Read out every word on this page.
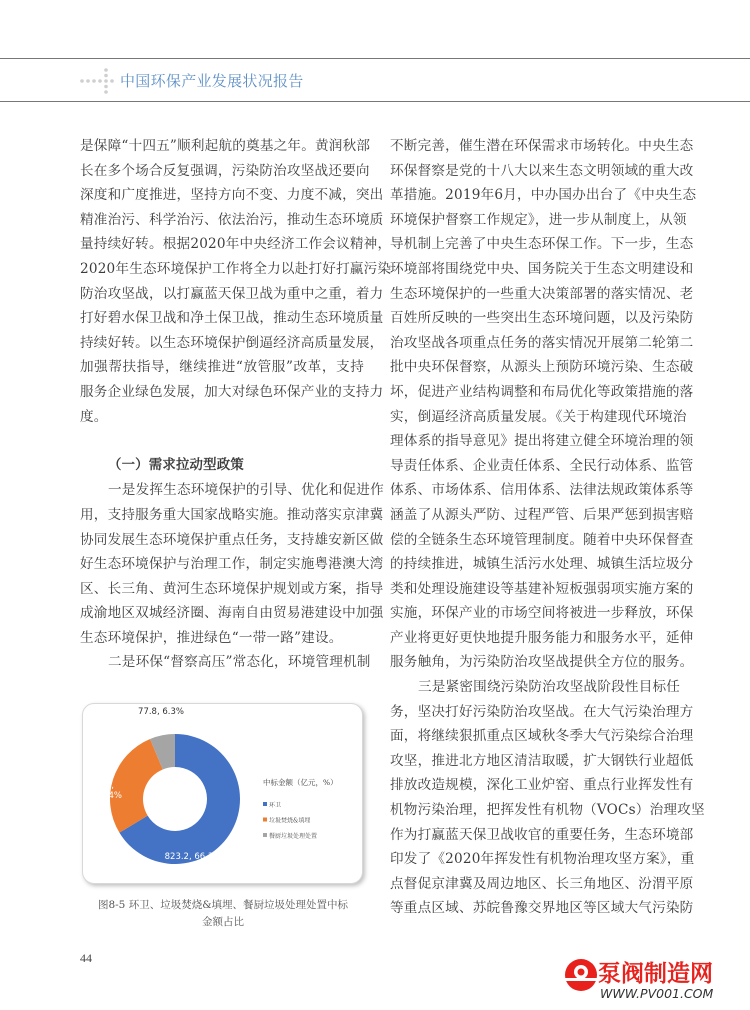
中国环保产业发展状况报告
是保障“十四五”顺利起航的奠基之年。黄润秋部
长在多个场合反复强调，污染防治攻坚战还要向
深度和广度推进，坚持方向不变、力度不减，突出
精准治污、科学治污、依法治污，推动生态环境质
量持续好转。根据2020年中央经济工作会议精神，
2020年生态环境保护工作将全力以赴打好打赢污染
防治攻坚战，以打赢蓝天保卫战为重中之重，着力
打好碧水保卫战和净土保卫战，推动生态环境质量
持续好转。以生态环境保护倒逼经济高质量发展，
加强帮扶指导，继续推进“放管服”改革，支持
服务企业绿色发展，加大对绿色环保产业的支持力
度。
（一）需求拉动型政策
一是发挥生态环境保护的引导、优化和促进作
用，支持服务重大国家战略实施。推动落实京津冀
协同发展生态环境保护重点任务，支持雄安新区做
好生态环境保护与治理工作，制定实施粤港澳大湾
区、长三角、黄河生态环境保护规划或方案，指导
成渝地区双城经济圈、海南自由贸易港建设中加强
生态环境保护，推进绿色“一带一路”建设。
二是环保“督察高压”常态化，环境管理机制
不断完善，催生潜在环保需求市场转化。中央生态
环保督察是党的十八大以来生态文明领域的重大改
革措施。2019年6月，中办国办出台了《中央生态
环境保护督察工作规定》，进一步从制度上，从领
导机制上完善了中央生态环保工作。下一步，生态
环境部将围绕党中央、国务院关于生态文明建设和
生态环境保护的一些重大决策部署的落实情况、老
百姓所反映的一些突出生态环境问题，以及污染防
治攻坚战各项重点任务的落实情况开展第二轮第二
批中央环保督察，从源头上预防环境污染、生态破
坏，促进产业结构调整和布局优化等政策措施的落
实，倒逼经济高质量发展。《关于构建现代环境治
理体系的指导意见》提出将建立健全环境治理的领
导责任体系、企业责任体系、全民行动体系、监管
体系、市场体系、信用体系、法律法规政策体系等
涵盖了从源头严防、过程严管、后果严惩到损害赔
偿的全链条生态环境管理制度。随着中央环保督查
的持续推进，城镇生活污水处理、城镇生活垃圾分
类和处理设施建设等基建补短板强弱项实施方案的
实施，环保产业的市场空间将被进一步释放，环保
产业将更好更快地提升服务能力和服务水平，延伸
服务触角，为污染防治攻坚战提供全方位的服务。
三是紧密围绕污染防治攻坚战阶段性目标任
务，坚决打好污染防治攻坚战。在大气污染治理方
面，将继续狠抓重点区域秋冬季大气污染综合治理
攻坚，推进北方地区清洁取暖，扩大钢铁行业超低
排放改造规模，深化工业炉窑、重点行业挥发性有
机物污染治理，把挥发性有机物（VOCs）治理攻坚
作为打赢蓝天保卫战收官的重要任务，生态环境部
印发了《2020年挥发性有机物治理攻坚方案》，重
点督促京津冀及周边地区、长三角地区、汾渭平原
等重点区域、苏皖鲁豫交界地区等区域大气污染防
823.2, 66.3%
340, 27.4%
77.8, 6.3%
中标金额（亿元，%）
环卫
垃圾焚烧&填埋
餐厨垃圾处理处置
图8-5 环卫、垃圾焚烧&填埋、餐厨垃圾处理处置中标
金额占比
44
泵阀制造网
WWW.PV001.COM
